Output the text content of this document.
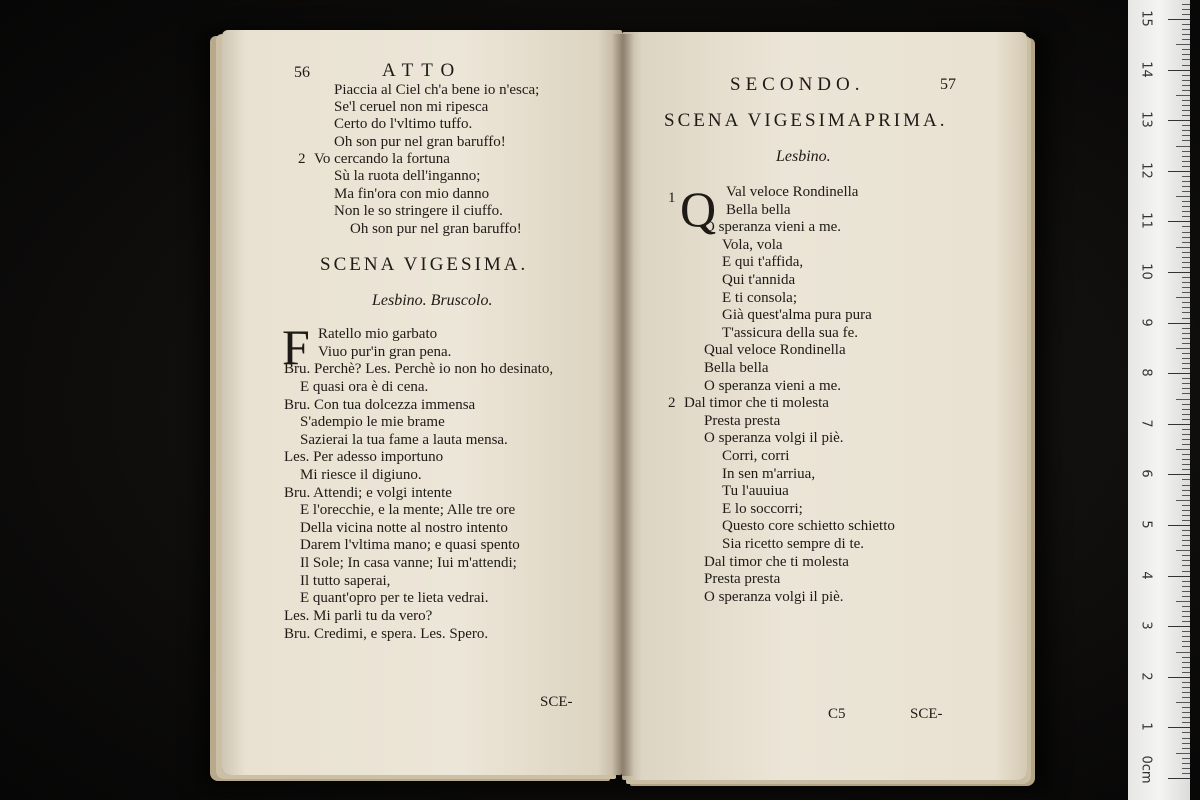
56	ATTO
Piaccia al Ciel ch'a bene io n'esca;
Se'l ceruel non mi ripesca
Certo do l'vltimo tuffo.
Oh son pur nel gran baruffo!
2 Vo cercando la fortuna
Sù la ruota dell'inganno;
Ma fin'ora con mio danno
Non le so stringere il ciuffo.
Oh son pur nel gran baruffo!
SCENA VIGESIMA.
Lesbino. Bruscolo.
F Ratello mio garbato
Viuo pur'in gran pena.
Bru. Perchè? Les. Perchè io non ho desinato,
E quasi ora è di cena.
Bru. Con tua dolcezza immensa
S'adempio le mie brame
Sazierai la tua fame a lauta mensa.
Les. Per adesso importuno
Mi riesce il digiuno.
Bru. Attendi; e volgi intente
E l'orecchie, e la mente; Alle tre ore
Della vicina notte al nostro intento
Darem l'vltima mano; e quasi spento
Il Sole; In casa vanne; Iui m'attendi;
Il tutto saperai,
E quant'opro per te lieta vedrai.
Les. Mi parli tu da vero?
Bru. Credimi, e spera. Les. Spero.
SCE-
SECONDO.	57
SCENA VIGESIMAPRIMA.
Lesbino.
1 Q Val veloce Rondinella
Bella bella
O speranza vieni a me.
Vola, vola
E qui t'affida,
Qui t'annida
E ti consola;
Già quest'alma pura pura
T'assicura della sua fe.
Qual veloce Rondinella
Bella bella
O speranza vieni a me.
2 Dal timor che ti molesta
Presta presta
O speranza volgi il piè.
Corri, corri
In sen m'arriua,
Tu l'auuiua
E lo soccorri;
Questo core schietto schietto
Sia ricetto sempre di te.
Dal timor che ti molesta
Presta presta
O speranza volgi il piè.
C5	SCE-
0cm
1
2
3
4
5
6
7
8
9
10
11
12
13
14
15
